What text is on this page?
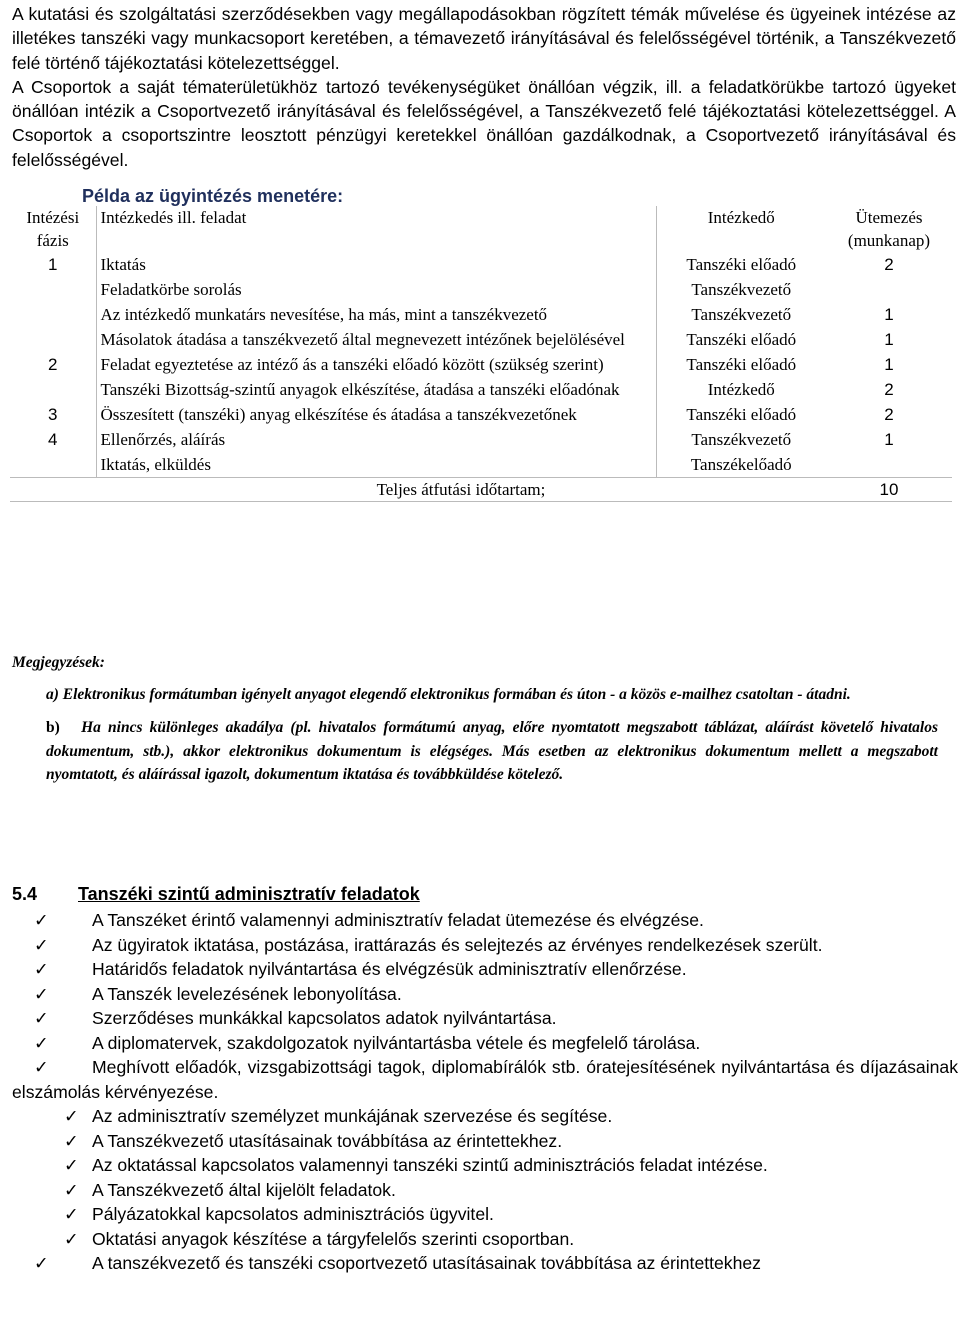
A kutatási és szolgáltatási szerződésekben vagy megállapodásokban rögzített témák művelése és ügyeinek intézése az illetékes tanszéki vagy munkacsoport keretében, a témavezető irányításával és felelősségével történik, a Tanszékvezető felé történő tájékoztatási kötelezettséggel.

A Csoportok a saját tématerületükhöz tartozó tevékenységüket önállóan végzik, ill. a feladatkörükbe tartozó ügyeket önállóan intézik a Csoportvezető irányításával és felelősségével, a Tanszékvezető felé tájékoztatási kötelezettséggel. A Csoportok a csoportszintre leosztott pénzügyi keretekkel önállóan gazdálkodnak, a Csoportvezető irányításával és felelősségével.

Példa az ügyintézés menetére:
Intézési fázis	Intézkedés ill. feladat	Intézkedő	Ütemezés (munkanap)
1	Iktatás	Tanszéki előadó	2
	Feladatkörbe sorolás	Tanszékvezető	
	Az intézkedő munkatárs nevesítése, ha más, mint a tanszékvezető	Tanszékvezető	1
	Másolatok átadása a tanszékvezető által megnevezett intézőnek bejelölésével	Tanszéki előadó	1
2	Feladat egyeztetése az intéző ás a tanszéki előadó között (szükség szerint)	Tanszéki előadó	1
	Tanszéki Bizottság-szintű anyagok elkészítése, átadása a tanszéki előadónak	Intézkedő	2
3	Összesített (tanszéki) anyag elkészítése és átadása a tanszékvezetőnek	Tanszéki előadó	2
4	Ellenőrzés, aláírás	Tanszékvezető	1
	Iktatás, elküldés	Tanszékelőadó	
	Teljes átfutási időtartam;		10

Megjegyzések:

a) Elektronikus formátumban igényelt anyagot elegendő elektronikus formában és úton - a közös e-mailhez csatoltan - átadni.

b) Ha nincs különleges akadálya (pl. hivatalos formátumú anyag, előre nyomtatott megszabott táblázat, aláírást követelő hivatalos dokumentum, stb.), akkor elektronikus dokumentum is elégséges. Más esetben az elektronikus dokumentum mellett a megszabott nyomtatott, és aláírással igazolt, dokumentum iktatása és továbbküldése kötelező.

5.4 Tanszéki szintű adminisztratív feladatok
✓ A Tanszéket érintő valamennyi adminisztratív feladat ütemezése és elvégzése.
✓ Az ügyiratok iktatása, postázása, irattárazás és selejtezés az érvényes rendelkezések szerült.
✓ Határidős feladatok nyilvántartása és elvégzésük adminisztratív ellenőrzése.
✓ A Tanszék levelezésének lebonyolítása.
✓ Szerződéses munkákkal kapcsolatos adatok nyilvántartása.
✓ A diplomatervek, szakdolgozatok nyilvántartásba vétele és megfelelő tárolása.
✓ Meghívott előadók, vizsgabizottsági tagok, diplomabírálók stb. óratejesítésének nyilvántartása és díjazásainak elszámolás kérvényezése.
✓ Az adminisztratív személyzet munkájának szervezése és segítése.
✓ A Tanszékvezető utasításainak továbbítása az érintettekhez.
✓ Az oktatással kapcsolatos valamennyi tanszéki szintű adminisztrációs feladat intézése.
✓ A Tanszékvezető által kijelölt feladatok.
✓ Pályázatokkal kapcsolatos adminisztrációs ügyvitel.
✓ Oktatási anyagok készítése a tárgyfelelős szerinti csoportban.
✓ A tanszékvezető és tanszéki csoportvezető utasításainak továbbítása az érintettekhez
